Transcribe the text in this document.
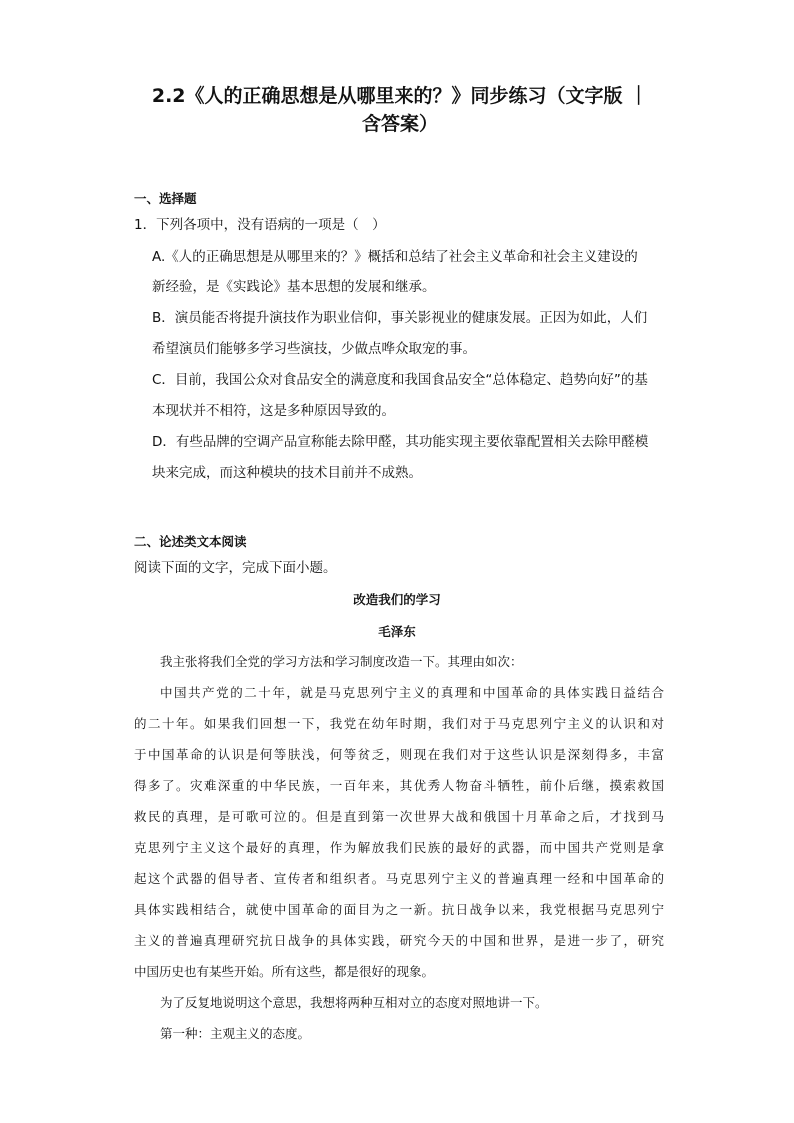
2.2《人的正确思想是从哪里来的？》同步练习（文字版 ｜
含答案）
一、选择题
1．下列各项中，没有语病的一项是（　）
A.《人的正确思想是从哪里来的？》概括和总结了社会主义革命和社会主义建设的
新经验，是《实践论》基本思想的发展和继承。
B．演员能否将提升演技作为职业信仰，事关影视业的健康发展。正因为如此，人们
希望演员们能够多学习些演技，少做点哗众取宠的事。
C．目前，我国公众对食品安全的满意度和我国食品安全“总体稳定、趋势向好”的基
本现状并不相符，这是多种原因导致的。
D．有些品牌的空调产品宣称能去除甲醛，其功能实现主要依靠配置相关去除甲醛模
块来完成，而这种模块的技术目前并不成熟。
二、论述类文本阅读
阅读下面的文字，完成下面小题。
改造我们的学习
毛泽东
我主张将我们全党的学习方法和学习制度改造一下。其理由如次：
中国共产党的二十年，就是马克思列宁主义的真理和中国革命的具体实践日益结合
的二十年。如果我们回想一下，我党在幼年时期，我们对于马克思列宁主义的认识和对
于中国革命的认识是何等肤浅，何等贫乏，则现在我们对于这些认识是深刻得多，丰富
得多了。灾难深重的中华民族，一百年来，其优秀人物奋斗牺牲，前仆后继，摸索救国
救民的真理，是可歌可泣的。但是直到第一次世界大战和俄国十月革命之后，才找到马
克思列宁主义这个最好的真理，作为解放我们民族的最好的武器，而中国共产党则是拿
起这个武器的倡导者、宣传者和组织者。马克思列宁主义的普遍真理一经和中国革命的
具体实践相结合，就使中国革命的面目为之一新。抗日战争以来，我党根据马克思列宁
主义的普遍真理研究抗日战争的具体实践，研究今天的中国和世界，是进一步了，研究
中国历史也有某些开始。所有这些，都是很好的现象。
为了反复地说明这个意思，我想将两种互相对立的态度对照地讲一下。
第一种：主观主义的态度。
